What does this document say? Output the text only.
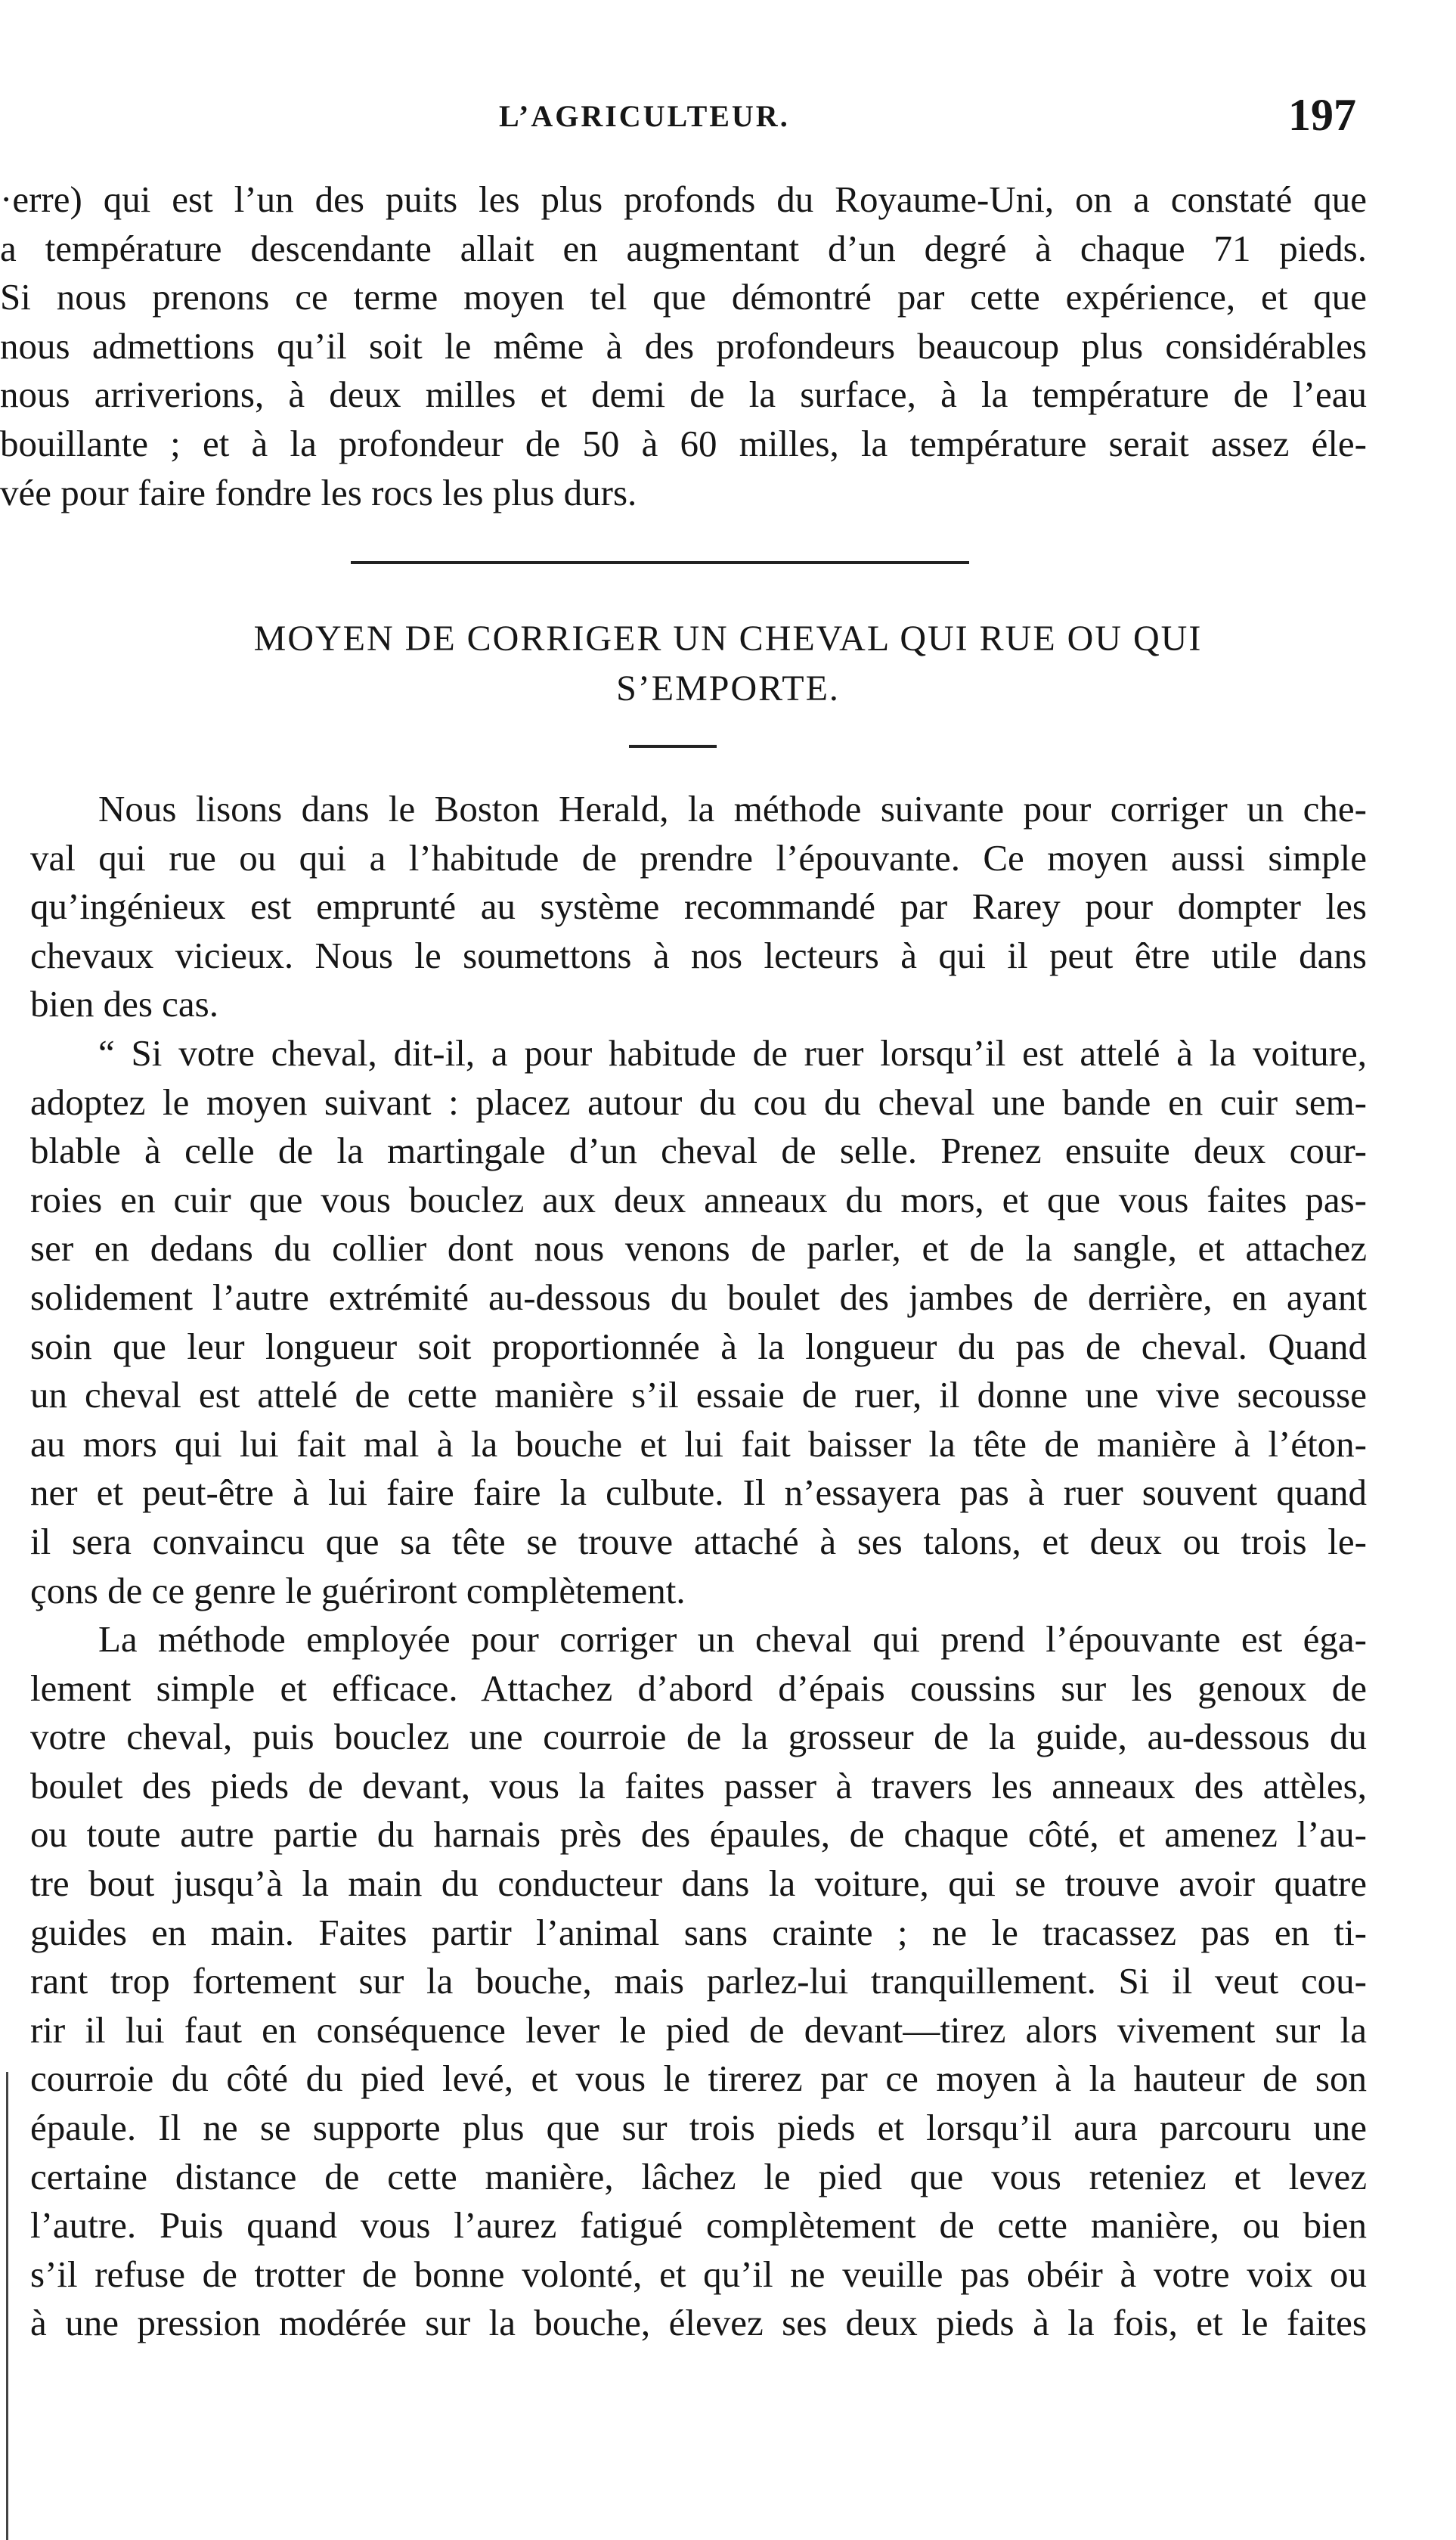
L’AGRICULTEUR.	197
·erre) qui est l’un des puits les plus profonds du Royaume-Uni, on a constaté que
a température descendante allait en augmentant d’un degré à chaque 71 pieds.
Si nous prenons ce terme moyen tel que démontré par cette expérience, et que
nous admettions qu’il soit le même à des profondeurs beaucoup plus considérables
nous arriverions, à deux milles et demi de la surface, à la température de l’eau
bouillante ; et à la profondeur de 50 à 60 milles, la température serait assez éle-
vée pour faire fondre les rocs les plus durs.
MOYEN DE CORRIGER UN CHEVAL QUI RUE OU QUI
S’EMPORTE.
Nous lisons dans le Boston Herald, la méthode suivante pour corriger un che-
val qui rue ou qui a l’habitude de prendre l’épouvante. Ce moyen aussi simple
qu’ingénieux est emprunté au système recommandé par Rarey pour dompter les
chevaux vicieux. Nous le soumettons à nos lecteurs à qui il peut être utile dans
bien des cas.
“ Si votre cheval, dit-il, a pour habitude de ruer lorsqu’il est attelé à la voiture,
adoptez le moyen suivant : placez autour du cou du cheval une bande en cuir sem-
blable à celle de la martingale d’un cheval de selle. Prenez ensuite deux cour-
roies en cuir que vous bouclez aux deux anneaux du mors, et que vous faites pas-
ser en dedans du collier dont nous venons de parler, et de la sangle, et attachez
solidement l’autre extrémité au-dessous du boulet des jambes de derrière, en ayant
soin que leur longueur soit proportionnée à la longueur du pas de cheval. Quand
un cheval est attelé de cette manière s’il essaie de ruer, il donne une vive secousse
au mors qui lui fait mal à la bouche et lui fait baisser la tête de manière à l’éton-
ner et peut-être à lui faire faire la culbute. Il n’essayera pas à ruer souvent quand
il sera convaincu que sa tête se trouve attaché à ses talons, et deux ou trois le-
çons de ce genre le guériront complètement.
La méthode employée pour corriger un cheval qui prend l’épouvante est éga-
lement simple et efficace. Attachez d’abord d’épais coussins sur les genoux de
votre cheval, puis bouclez une courroie de la grosseur de la guide, au-dessous du
boulet des pieds de devant, vous la faites passer à travers les anneaux des attèles,
ou toute autre partie du harnais près des épaules, de chaque côté, et amenez l’au-
tre bout jusqu’à la main du conducteur dans la voiture, qui se trouve avoir quatre
guides en main. Faites partir l’animal sans crainte ; ne le tracassez pas en ti-
rant trop fortement sur la bouche, mais parlez-lui tranquillement. Si il veut cou-
rir il lui faut en conséquence lever le pied de devant—tirez alors vivement sur la
courroie du côté du pied levé, et vous le tirerez par ce moyen à la hauteur de son
épaule. Il ne se supporte plus que sur trois pieds et lorsqu’il aura parcouru une
certaine distance de cette manière, lâchez le pied que vous reteniez et levez
l’autre. Puis quand vous l’aurez fatigué complètement de cette manière, ou bien
s’il refuse de trotter de bonne volonté, et qu’il ne veuille pas obéir à votre voix ou
à une pression modérée sur la bouche, élevez ses deux pieds à la fois, et le faites
